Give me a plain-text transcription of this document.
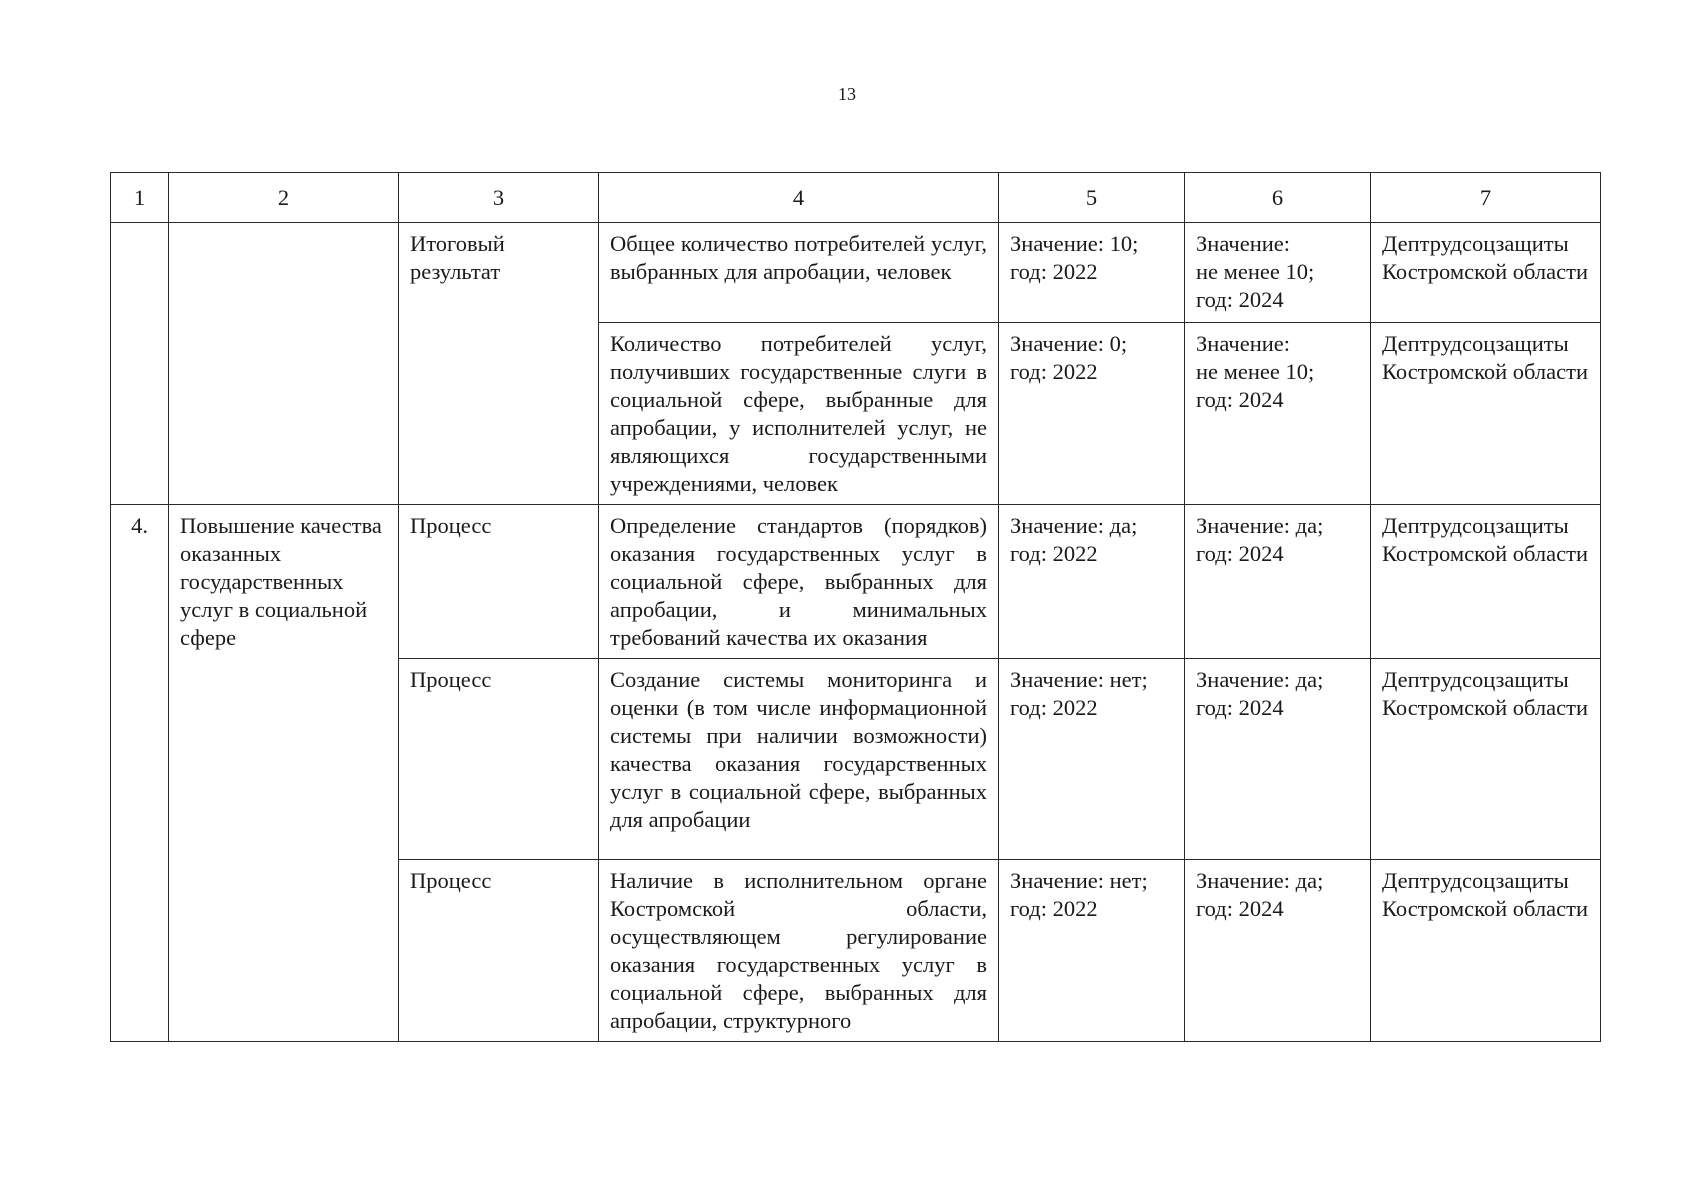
13
1	2	3	4	5	6	7
		Итоговый результат	Общее количество потребителей услуг, выбранных для апробации, человек	Значение: 10;
год: 2022	Значение:
не менее 10;
год: 2024	Дептрудсоцзащиты Костромской области
			Количество потребителей услуг, получивших государственные слуги в социальной сфере, выбранные для апробации, у исполнителей услуг, не являющихся государственными учреждениями, человек	Значение: 0;
год: 2022	Значение:
не менее 10;
год: 2024	Дептрудсоцзащиты Костромской области
4.	Повышение качества оказанных государственных услуг в социальной сфере	Процесс	Определение стандартов (порядков) оказания государственных услуг в социальной сфере, выбранных для апробации, и минимальных требований качества их оказания	Значение: да;
год: 2022	Значение: да;
год: 2024	Дептрудсоцзащиты Костромской области
		Процесс	Создание системы мониторинга и оценки (в том числе информационной системы при наличии возможности) качества оказания государственных услуг в социальной сфере, выбранных для апробации	Значение: нет;
год: 2022	Значение: да;
год: 2024	Дептрудсоцзащиты Костромской области
		Процесс	Наличие в исполнительном органе Костромской области, осуществляющем регулирование оказания государственных услуг в социальной сфере, выбранных для апробации, структурного	Значение: нет;
год: 2022	Значение: да;
год: 2024	Дептрудсоцзащиты Костромской области
